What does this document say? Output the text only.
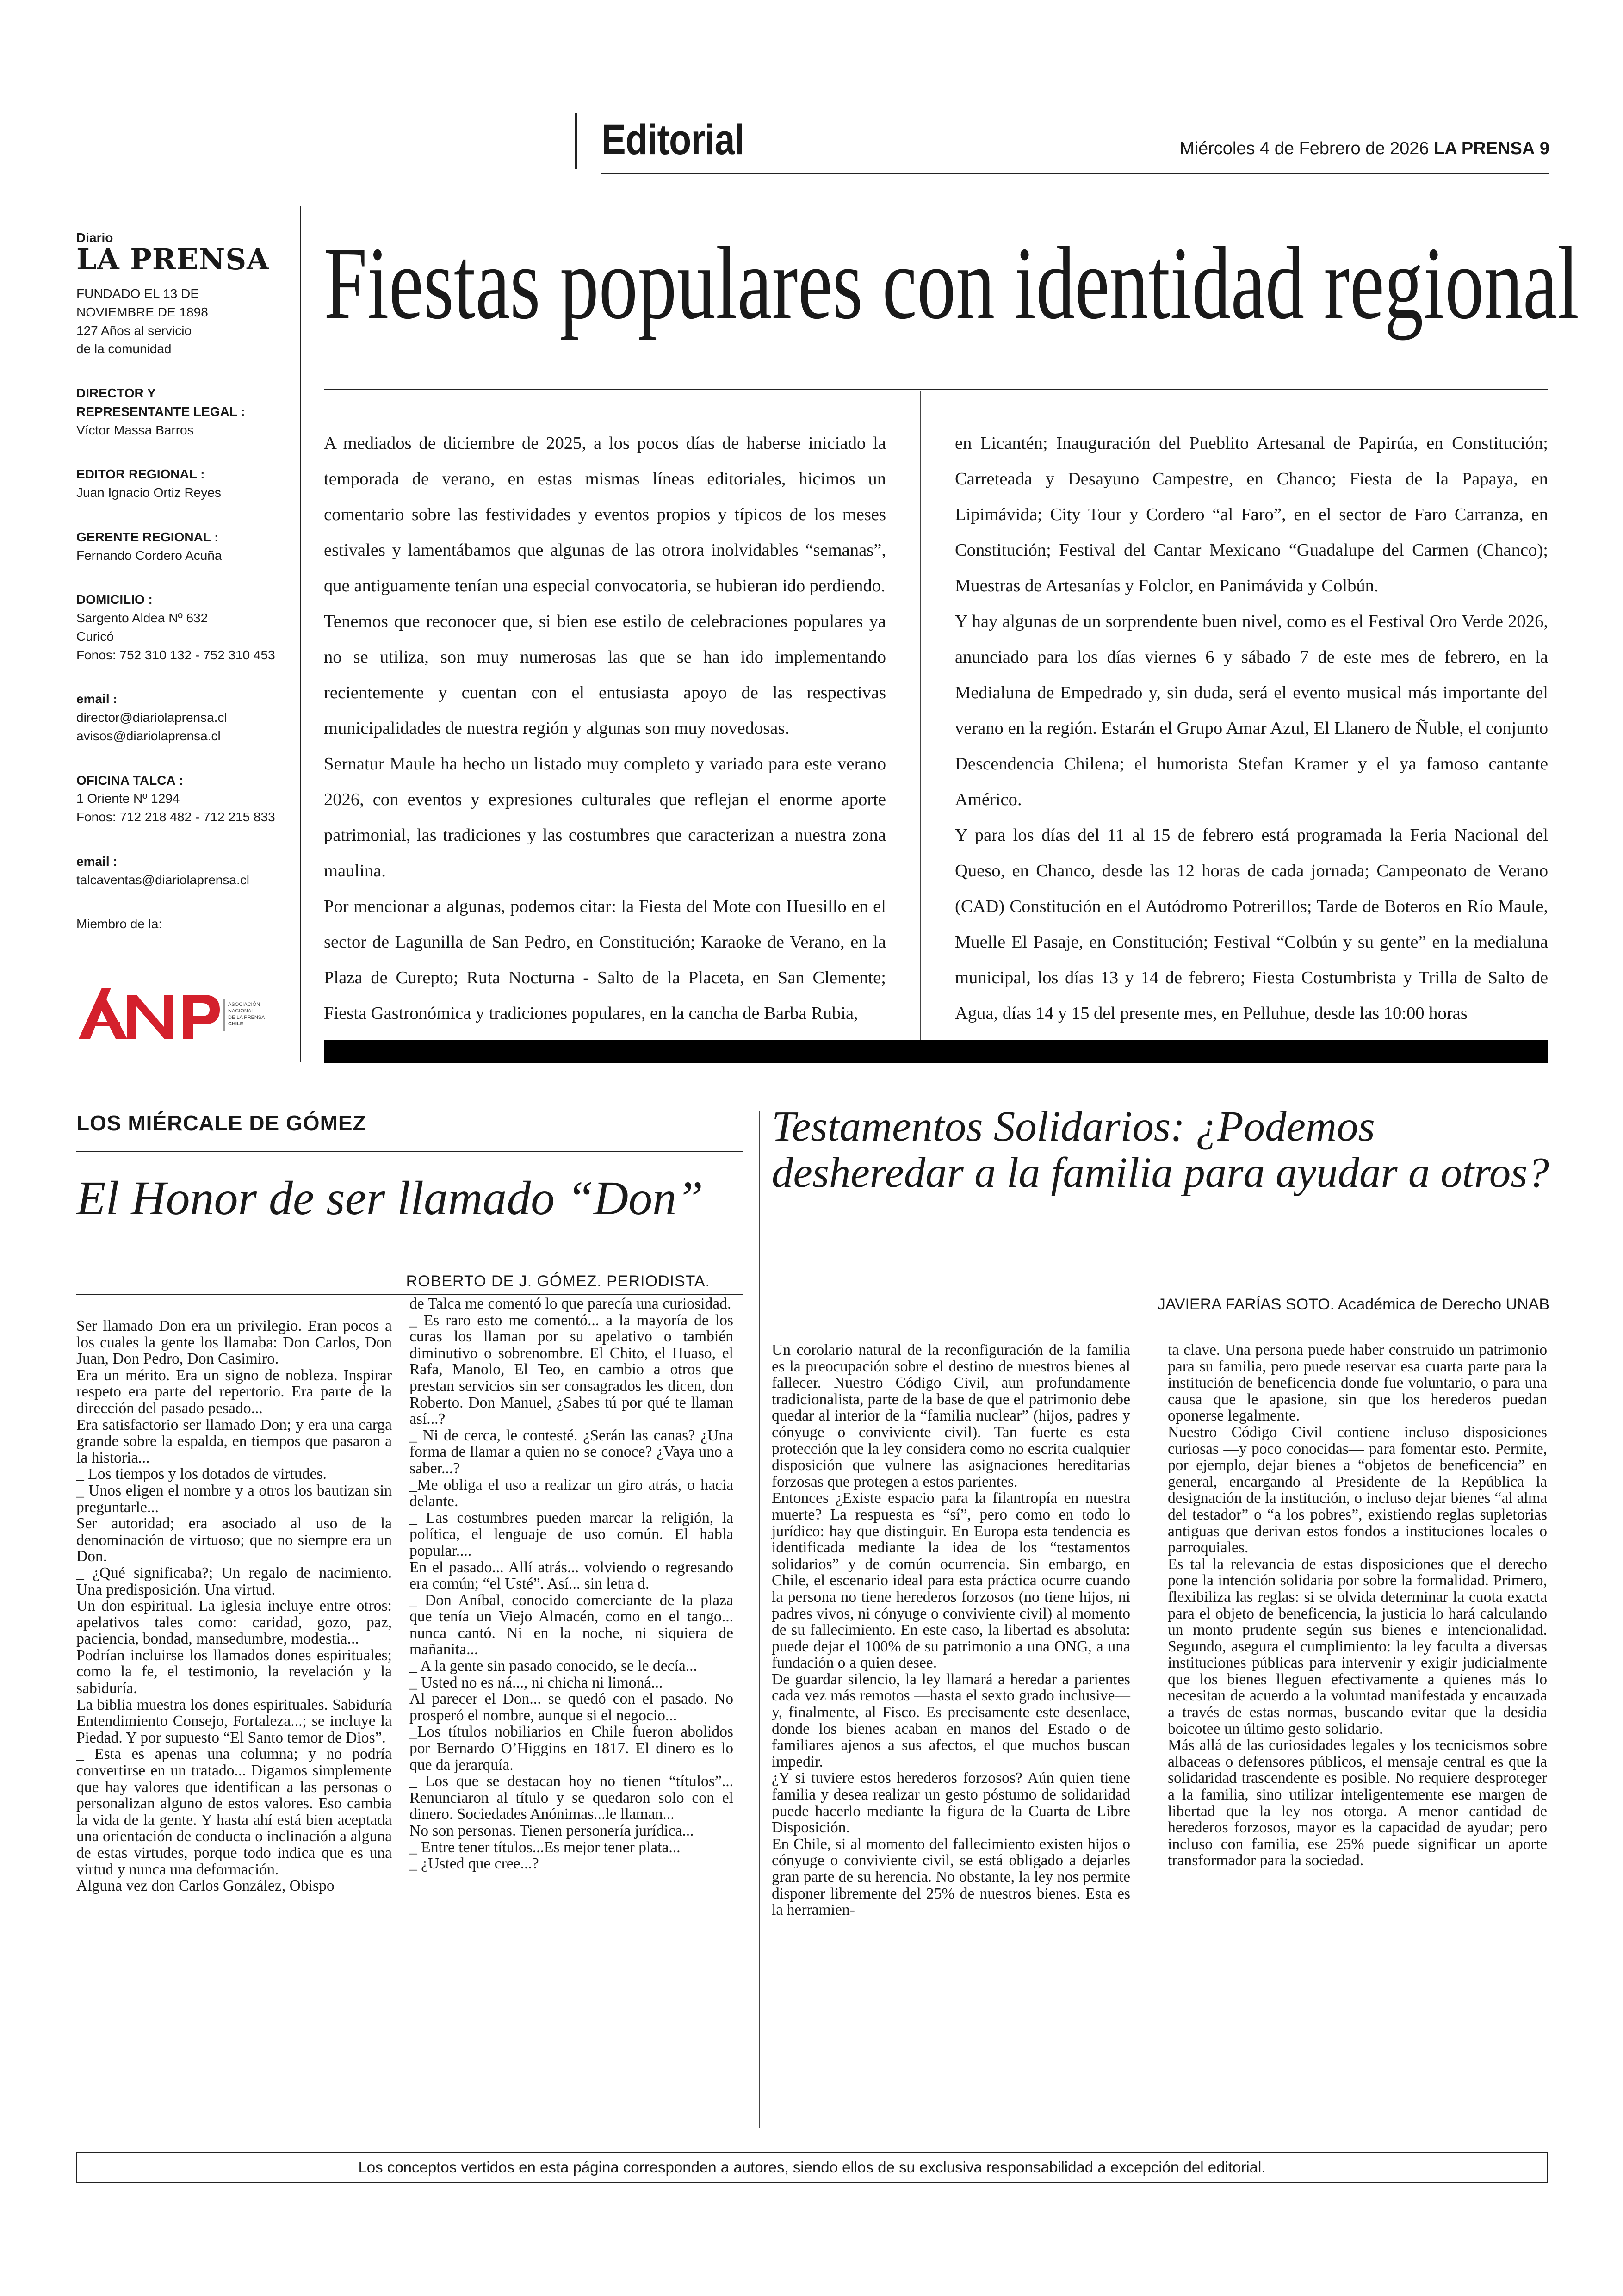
Editorial	Miércoles 4 de Febrero de 2026 LA PRENSA 9
Diario
LA PRENSA
FUNDADO EL 13 DE
NOVIEMBRE DE 1898
127 Años al servicio
de la comunidad
DIRECTOR Y
REPRESENTANTE LEGAL :
Víctor Massa Barros
EDITOR REGIONAL :
Juan Ignacio Ortiz Reyes
GERENTE REGIONAL :
Fernando Cordero Acuña
DOMICILIO :
Sargento Aldea Nº 632
Curicó
Fonos: 752 310 132 - 752 310 453
email :
director@diariolaprensa.cl
avisos@diariolaprensa.cl
OFICINA TALCA :
1 Oriente Nº 1294
Fonos: 712 218 482 - 712 215 833
email :
talcaventas@diariolaprensa.cl
Miembro de la:
ASOCIACIÓN
NACIONAL
DE LA PRENSA
CHILE
Fiestas populares con identidad regional

A mediados de diciembre de 2025, a los pocos días de haberse iniciado la temporada de verano, en estas mismas líneas editoriales, hicimos un comentario sobre las festividades y eventos propios y típicos de los meses estivales y lamentábamos que algunas de las otrora inolvidables “semanas”, que antiguamente tenían una especial convocatoria, se hubieran ido perdiendo.

Tenemos que reconocer que, si bien ese estilo de celebraciones populares ya no se utiliza, son muy numerosas las que se han ido implementando recientemente y cuentan con el entusiasta apoyo de las respectivas municipalidades de nuestra región y algunas son muy novedosas.

Sernatur Maule ha hecho un listado muy completo y variado para este verano 2026, con eventos y expresiones culturales que reflejan el enorme aporte patrimonial, las tradiciones y las costumbres que caracterizan a nuestra zona maulina.

Por mencionar a algunas, podemos citar: la Fiesta del Mote con Huesillo en el sector de Lagunilla de San Pedro, en Constitución; Karaoke de Verano, en la Plaza de Curepto; Ruta Nocturna - Salto de la Placeta, en San Clemente; Fiesta Gastronómica y tradiciones populares, en la cancha de Barba Rubia,

en Licantén; Inauguración del Pueblito Artesanal de Papirúa, en Constitución; Carreteada y Desayuno Campestre, en Chanco; Fiesta de la Papaya, en Lipimávida; City Tour y Cordero “al Faro”, en el sector de Faro Carranza, en Constitución; Festival del Cantar Mexicano “Guadalupe del Carmen (Chanco); Muestras de Artesanías y Folclor, en Panimávida y Colbún.

Y hay algunas de un sorprendente buen nivel, como es el Festival Oro Verde 2026, anunciado para los días viernes 6 y sábado 7 de este mes de febrero, en la Medialuna de Empedrado y, sin duda, será el evento musical más importante del verano en la región. Estarán el Grupo Amar Azul, El Llanero de Ñuble, el conjunto Descendencia Chilena; el humorista Stefan Kramer y el ya famoso cantante Américo.

Y para los días del 11 al 15 de febrero está programada la Feria Nacional del Queso, en Chanco, desde las 12 horas de cada jornada; Campeonato de Verano (CAD) Constitución en el Autódromo Potrerillos; Tarde de Boteros en Río Maule, Muelle El Pasaje, en Constitución; Festival “Colbún y su gente” en la medialuna municipal, los días 13 y 14 de febrero; Fiesta Costumbrista y Trilla de Salto de Agua, días 14 y 15 del presente mes, en Pelluhue, desde las 10:00 horas

LOS MIÉRCALE DE GÓMEZ
El Honor de ser llamado “Don”
ROBERTO DE J. GÓMEZ. PERIODISTA.

Ser llamado Don era un privilegio. Eran pocos a los cuales la gente los llamaba: Don Carlos, Don Juan, Don Pedro, Don Casimiro.

Era un mérito. Era un signo de nobleza. Inspirar respeto era parte del repertorio. Era parte de la dirección del pasado pesado...

Era satisfactorio ser llamado Don; y era una carga grande sobre la espalda, en tiempos que pasaron a la historia...

_ Los tiempos y los dotados de virtudes.

_ Unos eligen el nombre y a otros los bautizan sin preguntarle...

Ser autoridad; era asociado al uso de la denominación de virtuoso; que no siempre era un Don.

_ ¿Qué significaba?; Un regalo de nacimiento. Una predisposición. Una virtud.

Un don espiritual. La iglesia incluye entre otros: apelativos tales como: caridad, gozo, paz, paciencia, bondad, mansedumbre, modestia...

Podrían incluirse los llamados dones espirituales; como la fe, el testimonio, la revelación y la sabiduría.

La biblia muestra los dones espirituales. Sabiduría Entendimiento Consejo, Fortaleza...; se incluye la Piedad. Y por supuesto “El Santo temor de Dios”.

_ Esta es apenas una columna; y no podría convertirse en un tratado... Digamos simplemente que hay valores que identifican a las personas o personalizan alguno de estos valores. Eso cambia la vida de la gente. Y hasta ahí está bien aceptada una orientación de conducta o inclinación a alguna de estas virtudes, porque todo indica que es una virtud y nunca una deformación.

Alguna vez don Carlos González, Obispo

de Talca me comentó lo que parecía una curiosidad.

_ Es raro esto me comentó... a la mayoría de los curas los llaman por su apelativo o también diminutivo o sobrenombre. El Chito, el Huaso, el Rafa, Manolo, El Teo, en cambio a otros que prestan servicios sin ser consagrados les dicen, don Roberto. Don Manuel, ¿Sabes tú por qué te llaman así...?

_ Ni de cerca, le contesté. ¿Serán las canas? ¿Una forma de llamar a quien no se conoce? ¿Vaya uno a saber...?

_Me obliga el uso a realizar un giro atrás, o hacia delante.

_ Las costumbres pueden marcar la religión, la política, el lenguaje de uso común. El habla popular....

En el pasado... Allí atrás... volviendo o regresando era común; “el Usté”. Así... sin letra d.

_ Don Aníbal, conocido comerciante de la plaza que tenía un Viejo Almacén, como en el tango... nunca cantó. Ni en la noche, ni siquiera de mañanita...

_ A la gente sin pasado conocido, se le decía...

_ Usted no es ná..., ni chicha ni limoná...

Al parecer el Don... se quedó con el pasado. No prosperó el nombre, aunque si el negocio...

_Los títulos nobiliarios en Chile fueron abolidos por Bernardo O’Higgins en 1817. El dinero es lo que da jerarquía.

_ Los que se destacan hoy no tienen “títulos”... Renunciaron al título y se quedaron solo con el dinero. Sociedades Anónimas...le llaman...

No son personas. Tienen personería jurídica...

_ Entre tener títulos...Es mejor tener plata...

_ ¿Usted que cree...?

Testamentos Solidarios: ¿Podemos desheredar a la familia para ayudar a otros?
JAVIERA FARÍAS SOTO. Académica de Derecho UNAB

Un corolario natural de la reconfiguración de la familia es la preocupación sobre el destino de nuestros bienes al fallecer. Nuestro Código Civil, aun profundamente tradicionalista, parte de la base de que el patrimonio debe quedar al interior de la “familia nuclear” (hijos, padres y cónyuge o conviviente civil). Tan fuerte es esta protección que la ley considera como no escrita cualquier disposición que vulnere las asignaciones hereditarias forzosas que protegen a estos parientes.

Entonces ¿Existe espacio para la filantropía en nuestra muerte? La respuesta es “sí”, pero como en todo lo jurídico: hay que distinguir. En Europa esta tendencia es identificada mediante la idea de los “testamentos solidarios” y de común ocurrencia. Sin embargo, en Chile, el escenario ideal para esta práctica ocurre cuando la persona no tiene herederos forzosos (no tiene hijos, ni padres vivos, ni cónyuge o conviviente civil) al momento de su fallecimiento. En este caso, la libertad es absoluta: puede dejar el 100% de su patrimonio a una ONG, a una fundación o a quien desee.

De guardar silencio, la ley llamará a heredar a parientes cada vez más remotos —hasta el sexto grado inclusive— y, finalmente, al Fisco. Es precisamente este desenlace, donde los bienes acaban en manos del Estado o de familiares ajenos a sus afectos, el que muchos buscan impedir.

¿Y si tuviere estos herederos forzosos? Aún quien tiene familia y desea realizar un gesto póstumo de solidaridad puede hacerlo mediante la figura de la Cuarta de Libre Disposición.

En Chile, si al momento del fallecimiento existen hijos o cónyuge o conviviente civil, se está obligado a dejarles gran parte de su herencia. No obstante, la ley nos permite disponer libremente del 25% de nuestros bienes. Esta es la herramien-

ta clave. Una persona puede haber construido un patrimonio para su familia, pero puede reservar esa cuarta parte para la institución de beneficencia donde fue voluntario, o para una causa que le apasione, sin que los herederos puedan oponerse legalmente.

Nuestro Código Civil contiene incluso disposiciones curiosas —y poco conocidas— para fomentar esto. Permite, por ejemplo, dejar bienes a “objetos de beneficencia” en general, encargando al Presidente de la República la designación de la institución, o incluso dejar bienes “al alma del testador” o “a los pobres”, existiendo reglas supletorias antiguas que derivan estos fondos a instituciones locales o parroquiales.

Es tal la relevancia de estas disposiciones que el derecho pone la intención solidaria por sobre la formalidad. Primero, flexibiliza las reglas: si se olvida determinar la cuota exacta para el objeto de beneficencia, la justicia lo hará calculando un monto prudente según sus bienes e intencionalidad. Segundo, asegura el cumplimiento: la ley faculta a diversas instituciones públicas para intervenir y exigir judicialmente que los bienes lleguen efectivamente a quienes más lo necesitan de acuerdo a la voluntad manifestada y encauzada a través de estas normas, buscando evitar que la desidia boicotee un último gesto solidario.

Más allá de las curiosidades legales y los tecnicismos sobre albaceas o defensores públicos, el mensaje central es que la solidaridad trascendente es posible. No requiere desproteger a la familia, sino utilizar inteligentemente ese margen de libertad que la ley nos otorga. A menor cantidad de herederos forzosos, mayor es la capacidad de ayudar; pero incluso con familia, ese 25% puede significar un aporte transformador para la sociedad.

Los conceptos vertidos en esta página corresponden a autores, siendo ellos de su exclusiva responsabilidad a excepción del editorial.
